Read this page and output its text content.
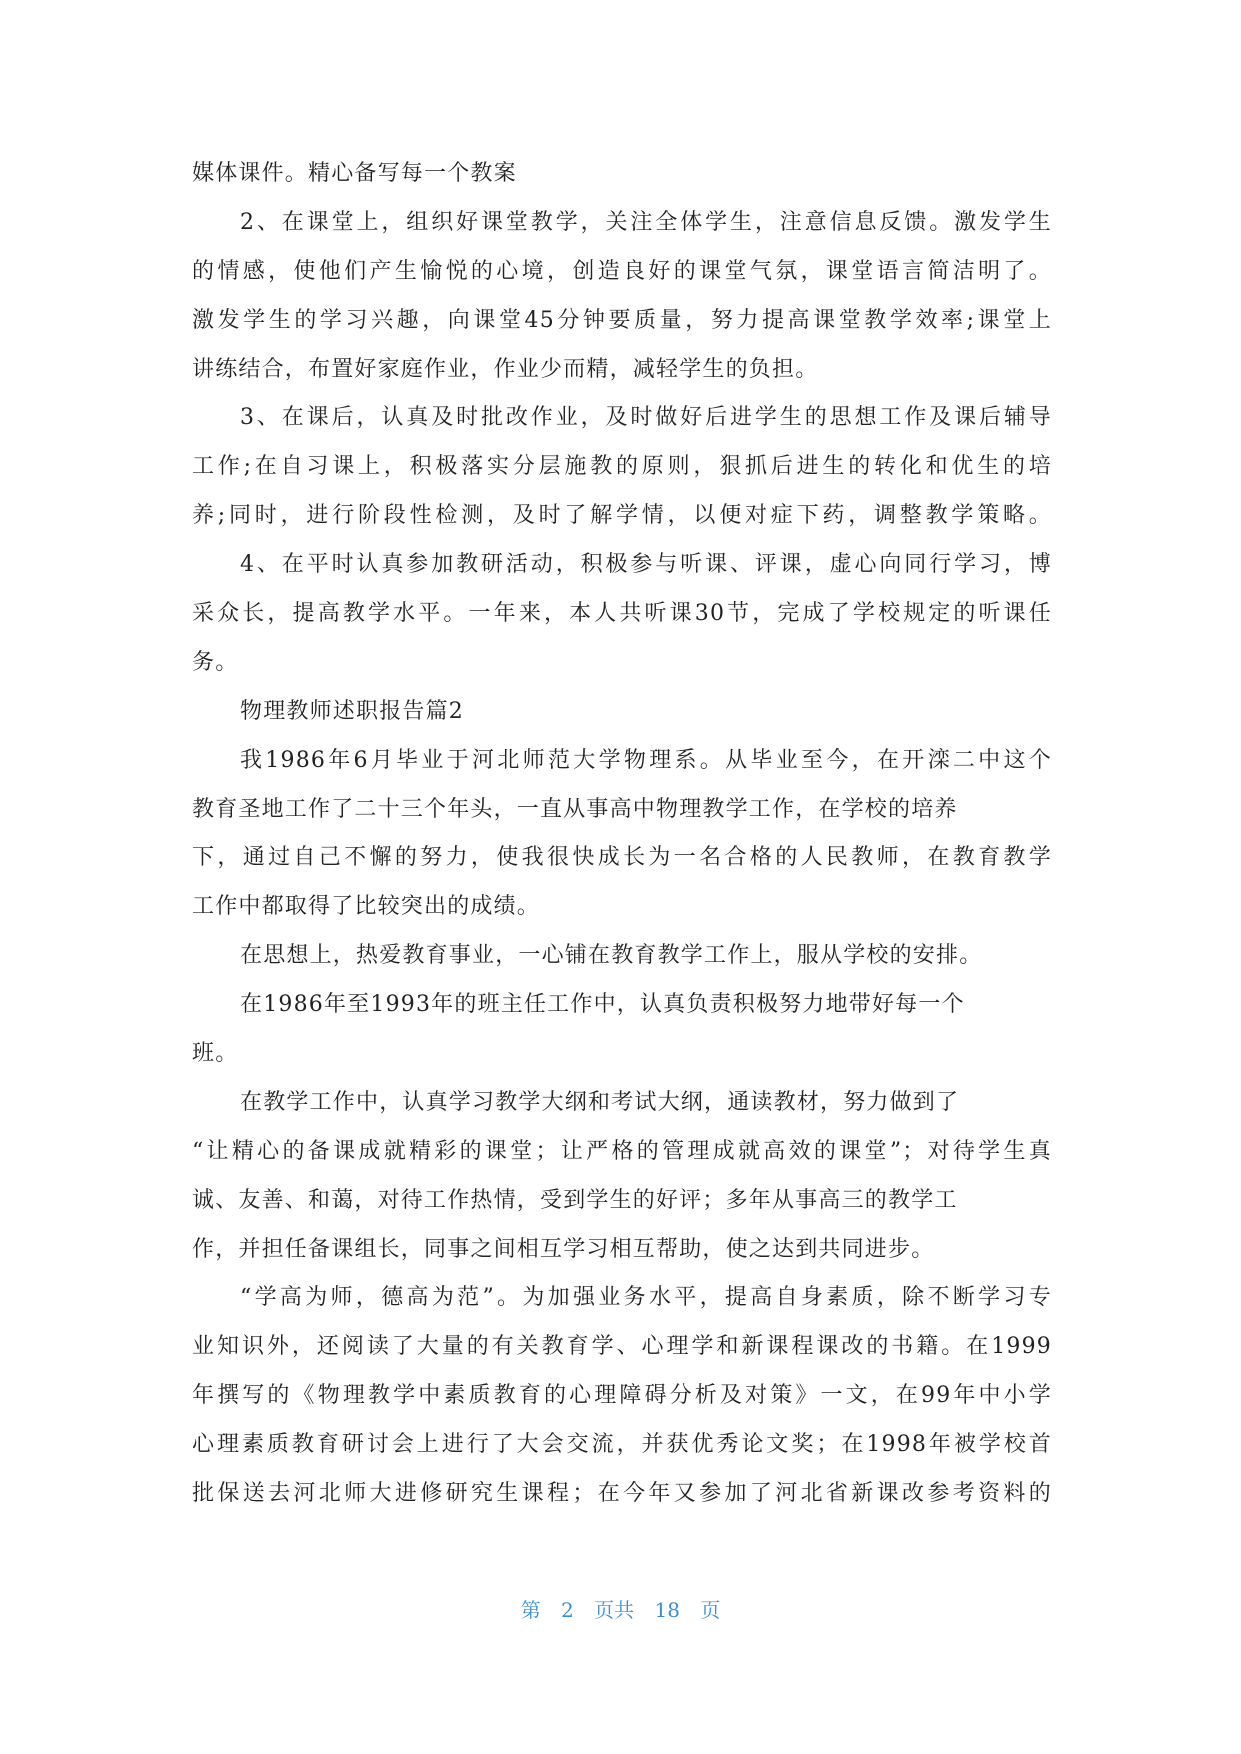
媒体课件。精心备写每一个教案
2、在课堂上，组织好课堂教学，关注全体学生，注意信息反馈。激发学生
的情感，使他们产生愉悦的心境，创造良好的课堂气氛，课堂语言简洁明了。
激发学生的学习兴趣，向课堂45分钟要质量，努力提高课堂教学效率;课堂上
讲练结合，布置好家庭作业，作业少而精，减轻学生的负担。
3、在课后，认真及时批改作业，及时做好后进学生的思想工作及课后辅导
工作;在自习课上，积极落实分层施教的原则，狠抓后进生的转化和优生的培
养;同时，进行阶段性检测，及时了解学情，以便对症下药，调整教学策略。
4、在平时认真参加教研活动，积极参与听课、评课，虚心向同行学习，博
采众长，提高教学水平。一年来，本人共听课30节，完成了学校规定的听课任
务。
物理教师述职报告篇2
我1986年6月毕业于河北师范大学物理系。从毕业至今，在开滦二中这个
教育圣地工作了二十三个年头，一直从事高中物理教学工作，在学校的培养
下，通过自己不懈的努力，使我很快成长为一名合格的人民教师，在教育教学
工作中都取得了比较突出的成绩。
在思想上，热爱教育事业，一心铺在教育教学工作上，服从学校的安排。
在1986年至1993年的班主任工作中，认真负责积极努力地带好每一个
班。
在教学工作中，认真学习教学大纲和考试大纲，通读教材，努力做到了
“让精心的备课成就精彩的课堂；让严格的管理成就高效的课堂”；对待学生真
诚、友善、和蔼，对待工作热情，受到学生的好评；多年从事高三的教学工
作，并担任备课组长，同事之间相互学习相互帮助，使之达到共同进步。
“学高为师，德高为范”。为加强业务水平，提高自身素质，除不断学习专
业知识外，还阅读了大量的有关教育学、心理学和新课程课改的书籍。在1999
年撰写的《物理教学中素质教育的心理障碍分析及对策》一文，在99年中小学
心理素质教育研讨会上进行了大会交流，并获优秀论文奖；在1998年被学校首
批保送去河北师大进修研究生课程；在今年又参加了河北省新课改参考资料的
第 2 页共 18 页
